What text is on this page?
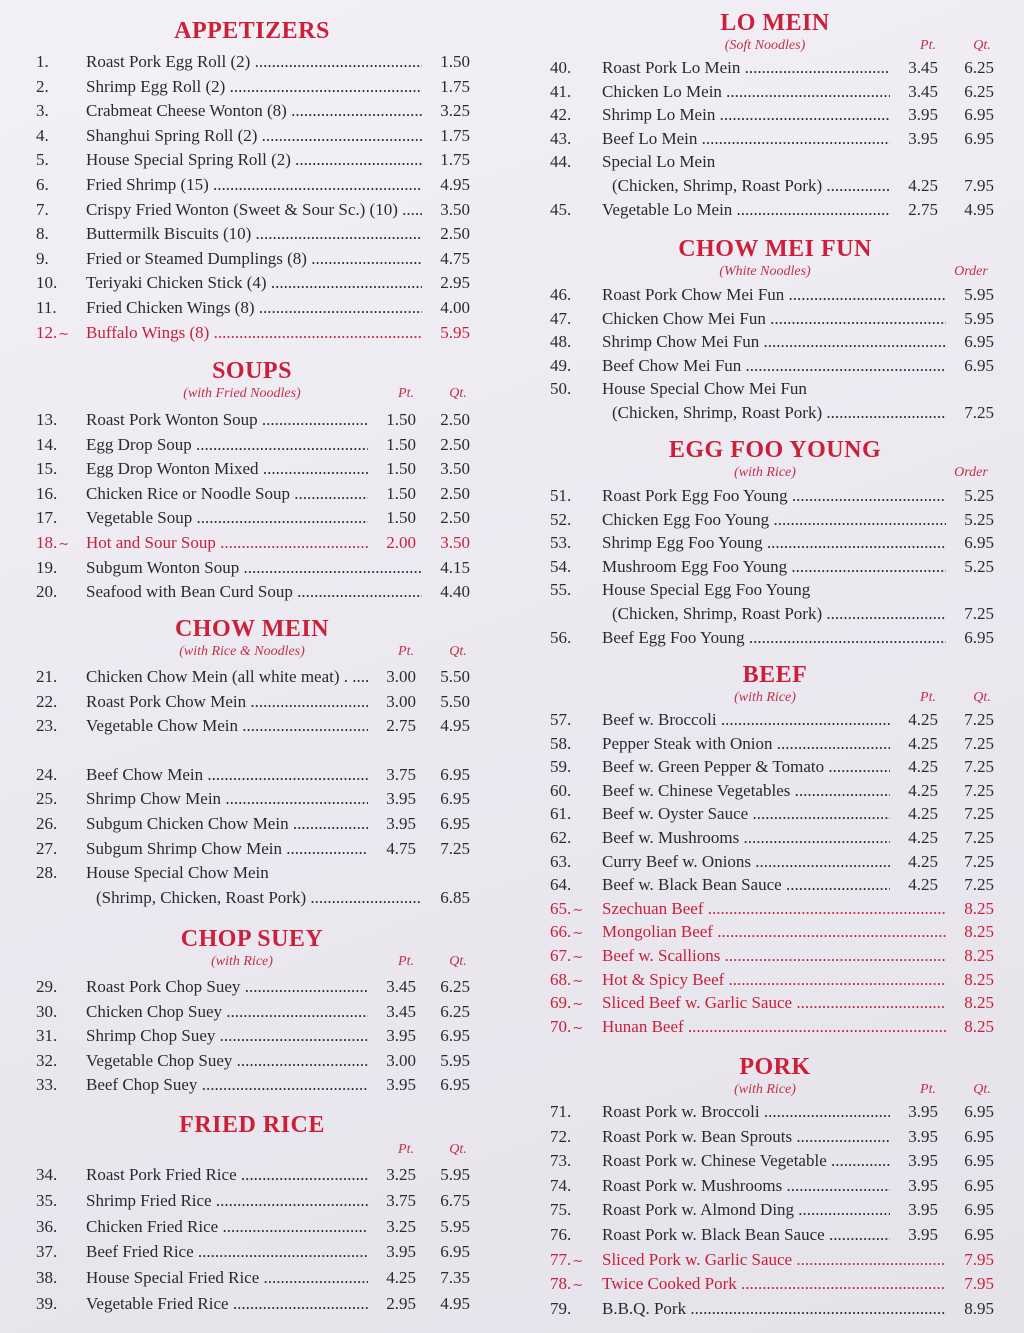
APPETIZERS
1.	Roast Pork Egg Roll (2) .....	1.50
2.	Shrimp Egg Roll (2) .....	1.75
3.	Crabmeat Cheese Wonton (8) .....	3.25
4.	Shanghui Spring Roll (2) .....	1.75
5.	House Special Spring Roll (2) .....	1.75
6.	Fried Shrimp (15) .....	4.95
7.	Crispy Fried Wonton (Sweet & Sour Sc.) (10) .....	3.50
8.	Buttermilk Biscuits (10) .....	2.50
9.	Fried or Steamed Dumplings (8) .....	4.75
10.	Teriyaki Chicken Stick (4) .....	2.95
11.	Fried Chicken Wings (8) .....	4.00
12.∼ Buffalo Wings (8) .....	5.95
SOUPS
(with Fried Noodles)	Pt.	Qt.
13.	Roast Pork Wonton Soup .....	1.50	2.50
14.	Egg Drop Soup .....	1.50	2.50
15.	Egg Drop Wonton Mixed .....	1.50	3.50
16.	Chicken Rice or Noodle Soup .....	1.50	2.50
17.	Vegetable Soup .....	1.50	2.50
18.∼ Hot and Sour Soup .....	2.00	3.50
19.	Subgum Wonton Soup .....	4.15
20.	Seafood with Bean Curd Soup .....	4.40
CHOW MEIN
(with Rice & Noodles)	Pt.	Qt.
21.	Chicken Chow Mein (all white meat) . .....	3.00	5.50
22.	Roast Pork Chow Mein .....	3.00	5.50
23.	Vegetable Chow Mein .....	2.75	4.95
24.	Beef Chow Mein .....	3.75	6.95
25.	Shrimp Chow Mein .....	3.95	6.95
26.	Subgum Chicken Chow Mein .....	3.95	6.95
27.	Subgum Shrimp Chow Mein .....	4.75	7.25
28.	House Special Chow Mein
(Shrimp, Chicken, Roast Pork) .....	6.85
CHOP SUEY
(with Rice)	Pt.	Qt.
29.	Roast Pork Chop Suey .....	3.45	6.25
30.	Chicken Chop Suey .....	3.45	6.25
31.	Shrimp Chop Suey .....	3.95	6.95
32.	Vegetable Chop Suey .....	3.00	5.95
33.	Beef Chop Suey .....	3.95	6.95
FRIED RICE
Pt.	Qt.
34.	Roast Pork Fried Rice .....	3.25	5.95
35.	Shrimp Fried Rice .....	3.75	6.75
36.	Chicken Fried Rice .....	3.25	5.95
37.	Beef Fried Rice .....	3.95	6.95
38.	House Special Fried Rice .....	4.25	7.35
39.	Vegetable Fried Rice .....	2.95	4.95
LO MEIN
(Soft Noodles)	Pt.	Qt.
40.	Roast Pork Lo Mein .....	3.45	6.25
41.	Chicken Lo Mein .....	3.45	6.25
42.	Shrimp Lo Mein .....	3.95	6.95
43.	Beef Lo Mein .....	3.95	6.95
44.	Special Lo Mein
(Chicken, Shrimp, Roast Pork) .....	4.25	7.95
45.	Vegetable Lo Mein .....	2.75	4.95
CHOW MEI FUN
(White Noodles)	Order
46.	Roast Pork Chow Mei Fun .....	5.95
47.	Chicken Chow Mei Fun .....	5.95
48.	Shrimp Chow Mei Fun .....	6.95
49.	Beef Chow Mei Fun .....	6.95
50.	House Special Chow Mei Fun
(Chicken, Shrimp, Roast Pork) .....	7.25
EGG FOO YOUNG
(with Rice)	Order
51.	Roast Pork Egg Foo Young .....	5.25
52.	Chicken Egg Foo Young .....	5.25
53.	Shrimp Egg Foo Young .....	6.95
54.	Mushroom Egg Foo Young .....	5.25
55.	House Special Egg Foo Young
(Chicken, Shrimp, Roast Pork) .....	7.25
56.	Beef Egg Foo Young .....	6.95
BEEF
(with Rice)	Pt.	Qt.
57.	Beef w. Broccoli .....	4.25	7.25
58.	Pepper Steak with Onion .....	4.25	7.25
59.	Beef w. Green Pepper & Tomato .....	4.25	7.25
60.	Beef w. Chinese Vegetables .....	4.25	7.25
61.	Beef w. Oyster Sauce .....	4.25	7.25
62.	Beef w. Mushrooms .....	4.25	7.25
63.	Curry Beef w. Onions .....	4.25	7.25
64.	Beef w. Black Bean Sauce .....	4.25	7.25
65.∼	Szechuan Beef .....	8.25
66.∼	Mongolian Beef .....	8.25
67.∼	Beef w. Scallions .....	8.25
68.∼	Hot & Spicy Beef .....	8.25
69.∼	Sliced Beef w. Garlic Sauce .....	8.25
70.∼	Hunan Beef .....	8.25
PORK
(with Rice)	Pt.	Qt.
71.	Roast Pork w. Broccoli .....	3.95	6.95
72.	Roast Pork w. Bean Sprouts .....	3.95	6.95
73.	Roast Pork w. Chinese Vegetable .....	3.95	6.95
74.	Roast Pork w. Mushrooms .....	3.95	6.95
75.	Roast Pork w. Almond Ding .....	3.95	6.95
76.	Roast Pork w. Black Bean Sauce .....	3.95	6.95
77.∼	Sliced Pork w. Garlic Sauce .....	7.95
78.∼	Twice Cooked Pork .....	7.95
79.	B.B.Q. Pork .....	8.95
